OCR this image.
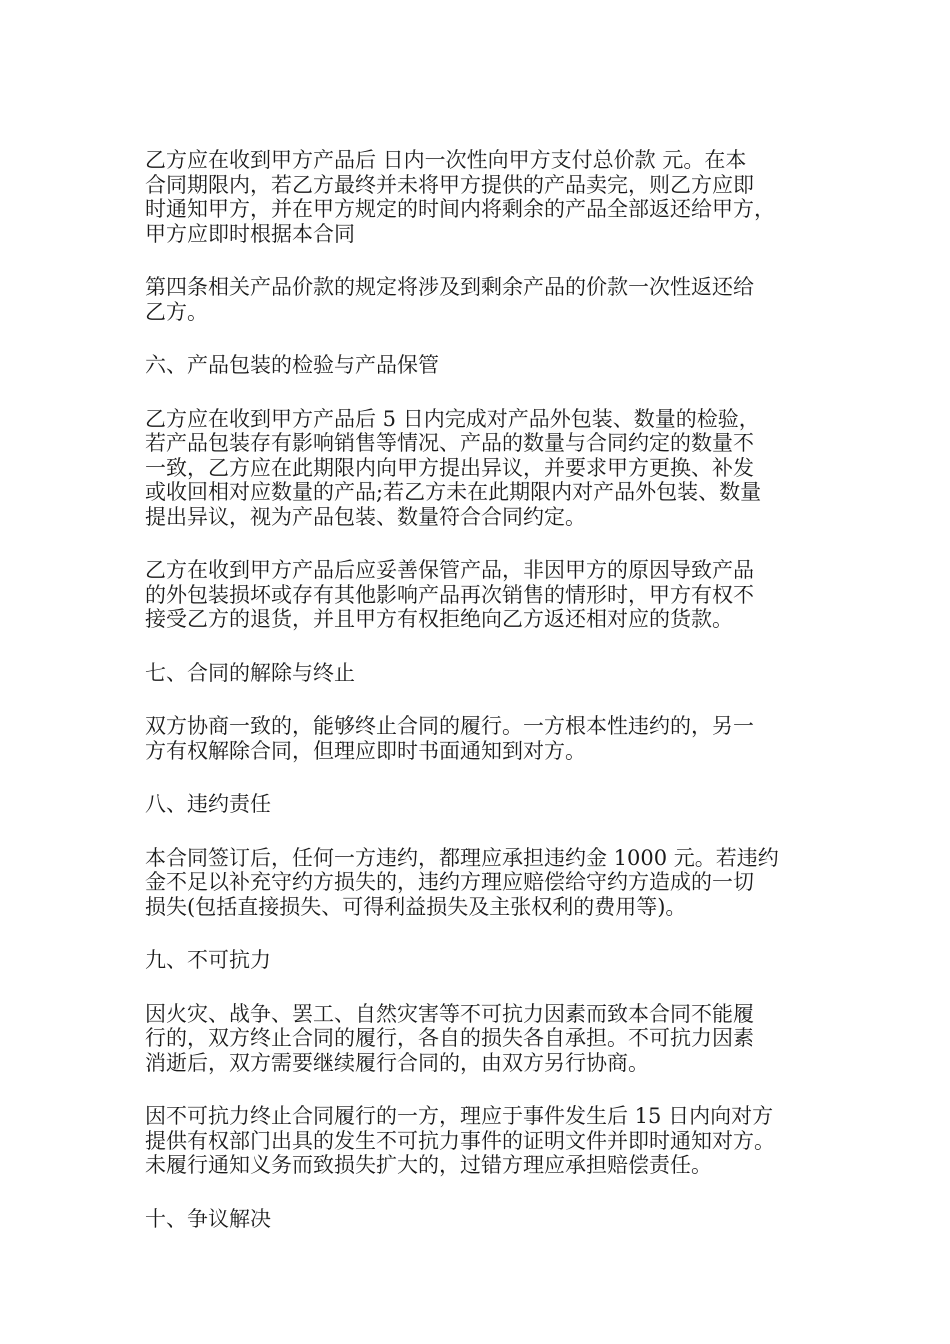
乙方应在收到甲方产品后 日内一次性向甲方支付总价款 元。在本
合同期限内，若乙方最终并未将甲方提供的产品卖完，则乙方应即
时通知甲方，并在甲方规定的时间内将剩余的产品全部返还给甲方，
甲方应即时根据本合同

第四条相关产品价款的规定将涉及到剩余产品的价款一次性返还给
乙方。

六、产品包装的检验与产品保管

乙方应在收到甲方产品后 5 日内完成对产品外包装、数量的检验，
若产品包装存有影响销售等情况、产品的数量与合同约定的数量不
一致，乙方应在此期限内向甲方提出异议，并要求甲方更换、补发
或收回相对应数量的产品;若乙方未在此期限内对产品外包装、数量
提出异议，视为产品包装、数量符合合同约定。

乙方在收到甲方产品后应妥善保管产品，非因甲方的原因导致产品
的外包装损坏或存有其他影响产品再次销售的情形时，甲方有权不
接受乙方的退货，并且甲方有权拒绝向乙方返还相对应的货款。

七、合同的解除与终止

双方协商一致的，能够终止合同的履行。一方根本性违约的，另一
方有权解除合同，但理应即时书面通知到对方。

八、违约责任

本合同签订后，任何一方违约，都理应承担违约金 1000 元。若违约
金不足以补充守约方损失的，违约方理应赔偿给守约方造成的一切
损失(包括直接损失、可得利益损失及主张权利的费用等)。

九、不可抗力

因火灾、战争、罢工、自然灾害等不可抗力因素而致本合同不能履
行的，双方终止合同的履行，各自的损失各自承担。不可抗力因素
消逝后，双方需要继续履行合同的，由双方另行协商。

因不可抗力终止合同履行的一方，理应于事件发生后 15 日内向对方
提供有权部门出具的发生不可抗力事件的证明文件并即时通知对方。
未履行通知义务而致损失扩大的，过错方理应承担赔偿责任。

十、争议解决
